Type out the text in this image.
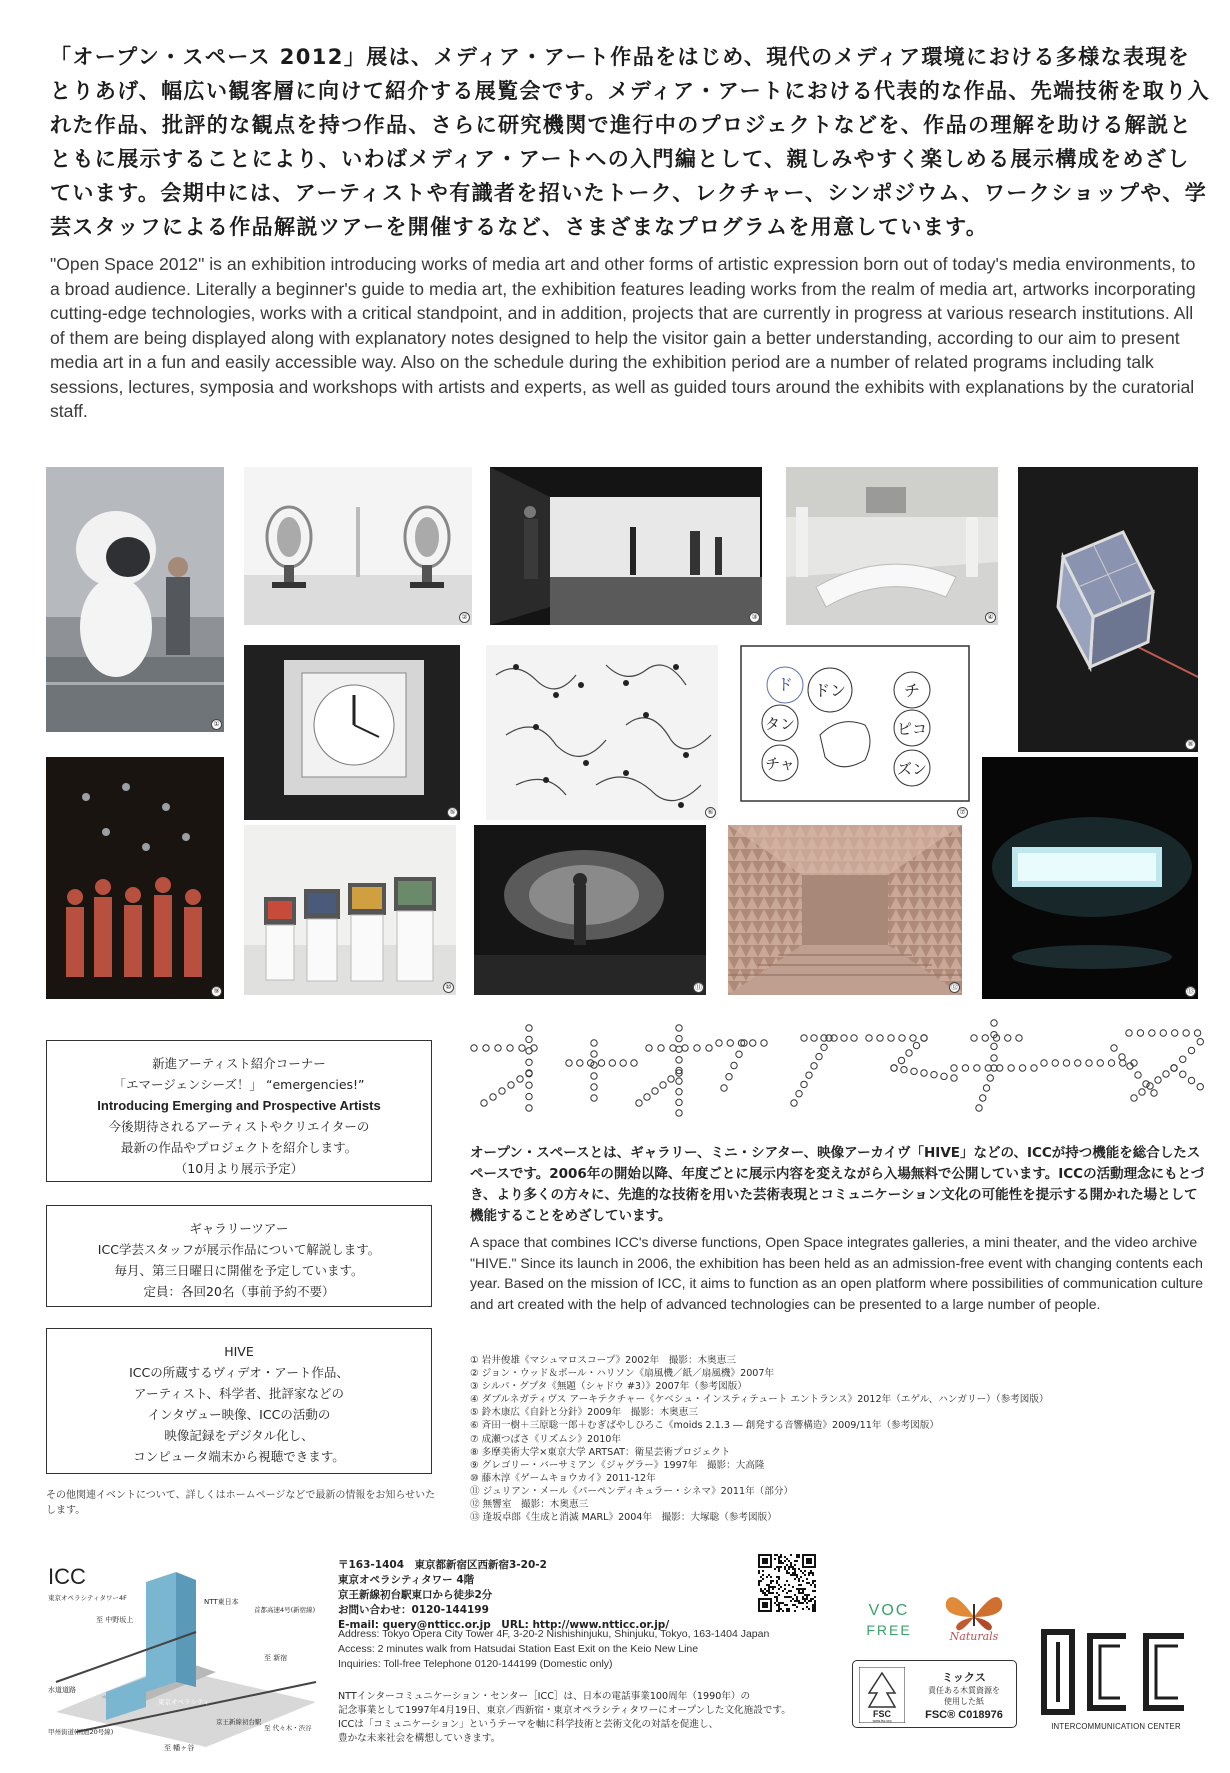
「オープン・スペース 2012」展は、メディア・アート作品をはじめ、現代のメディア環境における多様な表現をとりあげ、幅広い観客層に向けて紹介する展覧会です。メディア・アートにおける代表的な作品、先端技術を取り入れた作品、批評的な観点を持つ作品、さらに研究機関で進行中のプロジェクトなどを、作品の理解を助ける解説とともに展示することにより、いわばメディア・アートへの入門編として、親しみやすく楽しめる展示構成をめざしています。会期中には、アーティストや有識者を招いたトーク、レクチャー、シンポジウム、ワークショップや、学芸スタッフによる作品解説ツアーを開催するなど、さまざまなプログラムを用意しています。

"Open Space 2012" is an exhibition introducing works of media art and other forms of artistic expression born out of today's media environments, to a broad audience. Literally a beginner's guide to media art, the exhibition features leading works from the realm of media art, artworks incorporating cutting-edge technologies, works with a critical standpoint, and in addition, projects that are currently in progress at various research institutions. All of them are being displayed along with explanatory notes designed to help the visitor gain a better understanding, according to our aim to present media art in a fun and easily accessible way. Also on the schedule during the exhibition period are a number of related programs including talk sessions, lectures, symposia and workshops with artists and experts, as well as guided tours around the exhibits with explanations by the curatorial staff.

①
②	③	④
⑧
⑤	⑥
ド ドン	チ
タン	ピコ
チャ	ズン
⑦
⑨	⑩	⑪	⑫	⑬
新進アーティスト紹介コーナー
「エマージェンシーズ！」 “emergencies!”
Introducing Emerging and Prospective Artists
今後期待されるアーティストやクリエイターの
最新の作品やプロジェクトを紹介します。
（10月より展示予定）
ギャラリーツアー
ICC学芸スタッフが展示作品について解説します。
毎月、第三日曜日に開催を予定しています。
定員：各回20名（事前予約不要）
HIVE
ICCの所蔵するヴィデオ・アート作品、
アーティスト、科学者、批評家などの
インタヴュー映像、ICCの活動の
映像記録をデジタル化し、
コンピュータ端末から視聴できます。

その他関連イベントについて、詳しくはホームページなどで最新の情報をお知らせいたします。

オープン・スペースとは、ギャラリー、ミニ・シアター、映像アーカイヴ「HIVE」などの、ICCが持つ機能を総合したスペースです。2006年の開始以降、年度ごとに展示内容を変えながら入場無料で公開しています。ICCの活動理念にもとづき、より多くの方々に、先進的な技術を用いた芸術表現とコミュニケーション文化の可能性を提示する開かれた場として機能することをめざしています。

A space that combines ICC's diverse functions, Open Space integrates galleries, a mini theater, and the video archive "HIVE." Since its launch in 2006, the exhibition has been held as an admission-free event with changing contents each year. Based on the mission of ICC, it aims to function as an open platform where possibilities of communication culture and art created with the help of advanced technologies can be presented to a large number of people.

① 岩井俊雄《マシュマロスコープ》2002年　撮影：木奥恵三
② ジョン・ウッド＆ポール・ハリソン《扇風機／紙／扇風機》2007年
③ シルパ・グプタ《無題（シャドウ #3）》2007年（参考図版）
④ ダブルネガティヴス アーキテクチャー《ケベシュ・インスティテュート エントランス》2012年（エゲル、ハンガリー）（参考図版）
⑤ 鈴木康広《自針と分針》2009年　撮影：木奥恵三
⑥ 斉田一樹＋三原聡一郎＋むぎばやしひろこ《moids 2.1.3 ― 創発する音響構造》2009/11年（参考図版）
⑦ 成瀬つばさ《リズムシ》2010年
⑧ 多摩美術大学×東京大学 ARTSAT：衛星芸術プロジェクト
⑨ グレゴリー・バーサミアン《ジャグラー》1997年　撮影：大高隆
⑩ 藤木淳《ゲームキョウカイ》2011-12年
⑪ ジュリアン・メール《パーペンディキュラー・シネマ》2011年（部分）
⑫ 無響室　撮影：木奥恵三
⑬ 逢坂卓郎《生成と消滅 MARL》2004年　撮影：大塚聡（参考図版）
ICC
東京オペラシティタワー4F
至 中野坂上
NTT東日本
首都高速4号(新宿線)
東京オペラシティ
至 新宿
水道道路
京王新線初台駅
至 代々木・渋谷
甲州街道(国道20号線)
至 幡ヶ谷
〒163-1404　東京都新宿区西新宿3-20-2
東京オペラシティタワー 4階
京王新線初台駅東口から徒歩2分
お問い合わせ：0120-144199
E-mail: query@ntticc.or.jp　URL: http://www.ntticc.or.jp/
Address: Tokyo Opera City Tower 4F, 3-20-2 Nishishinjuku, Shinjuku, Tokyo, 163-1404 Japan
Access: 2 minutes walk from Hatsudai Station East Exit on the Keio New Line
Inquiries: Toll-free Telephone 0120-144199 (Domestic only)
NTTインターコミュニケーション・センター［ICC］は、日本の電話事業100周年（1990年）の
記念事業として1997年4月19日、東京／西新宿・東京オペラシティタワーにオープンした文化施設です。
ICCは「コミュニケーション」というテーマを軸に科学技術と芸術文化の対話を促進し、
豊かな未来社会を構想していきます。
VOC
FREE	Naturals
FSC
www.fsc.org
ミックス
責任ある木質資源を
使用した紙
FSC® C018976
ICC
INTERCOMMUNICATION CENTER
